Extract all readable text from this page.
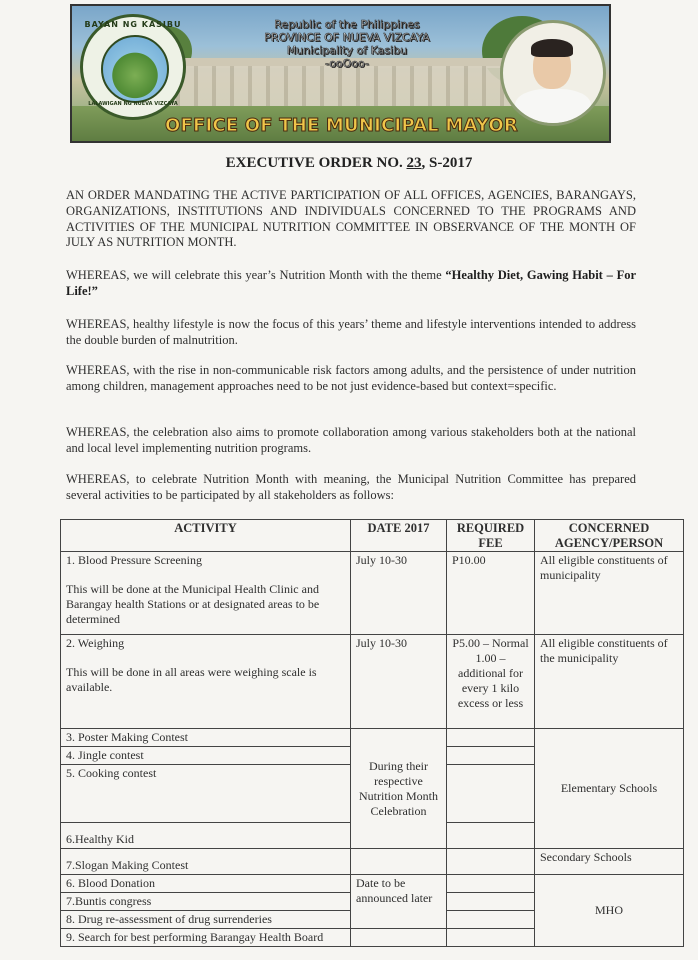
BAYAN NG KASIBU
LALAWIGAN NG NUEVA VIZCAYA
Republic of the Philippines
PROVINCE OF NUEVA VIZCAYA
Municipality of Kasibu
-ooOoo-
OFFICE OF THE MUNICIPAL MAYOR
EXECUTIVE ORDER NO. 23, S-2017
AN ORDER MANDATING THE ACTIVE PARTICIPATION OF ALL OFFICES, AGENCIES, BARANGAYS, ORGANIZATIONS, INSTITUTIONS AND INDIVIDUALS CONCERNED TO THE PROGRAMS AND ACTIVITIES OF THE MUNICIPAL NUTRITION COMMITTEE IN OBSERVANCE OF THE MONTH OF JULY AS NUTRITION MONTH.
WHEREAS, we will celebrate this year’s Nutrition Month with the theme “Healthy Diet, Gawing Habit – For Life!”
WHEREAS, healthy lifestyle is now the focus of this years’ theme and lifestyle interventions intended to address the double burden of malnutrition.
WHEREAS, with the rise in non-communicable risk factors among adults, and the persistence of under nutrition among children, management approaches need to be not just evidence-based but context=specific.
WHEREAS, the celebration also aims to promote collaboration among various stakeholders both at the national and local level implementing nutrition programs.
WHEREAS, to celebrate Nutrition Month with meaning, the Municipal Nutrition Committee has prepared several activities to be participated by all stakeholders as follows:
ACTIVITY	DATE 2017	REQUIRED FEE	CONCERNED AGENCY/PERSON

1. Blood Pressure Screening
This will be done at the Municipal Health Clinic and Barangay health Stations or at designated areas to be determined	July 10-30	P10.00	All eligible constituents of municipality

2. Weighing
This will be done in all areas were weighing scale is available.	July 10-30	P5.00 – Normal 1.00 – additional for every 1 kilo excess or less	All eligible constituents of the municipality
3. Poster Making Contest	During their respective Nutrition Month Celebration		Elementary Schools
4. Jingle contest			
5. Cooking contest			
6.Healthy Kid			
7.Slogan Making Contest			Secondary Schools
6. Blood Donation	Date to be announced later		MHO
7.Buntis congress			
8. Drug re-assessment of drug surrenderies			
9. Search for best performing Barangay Health Board			
